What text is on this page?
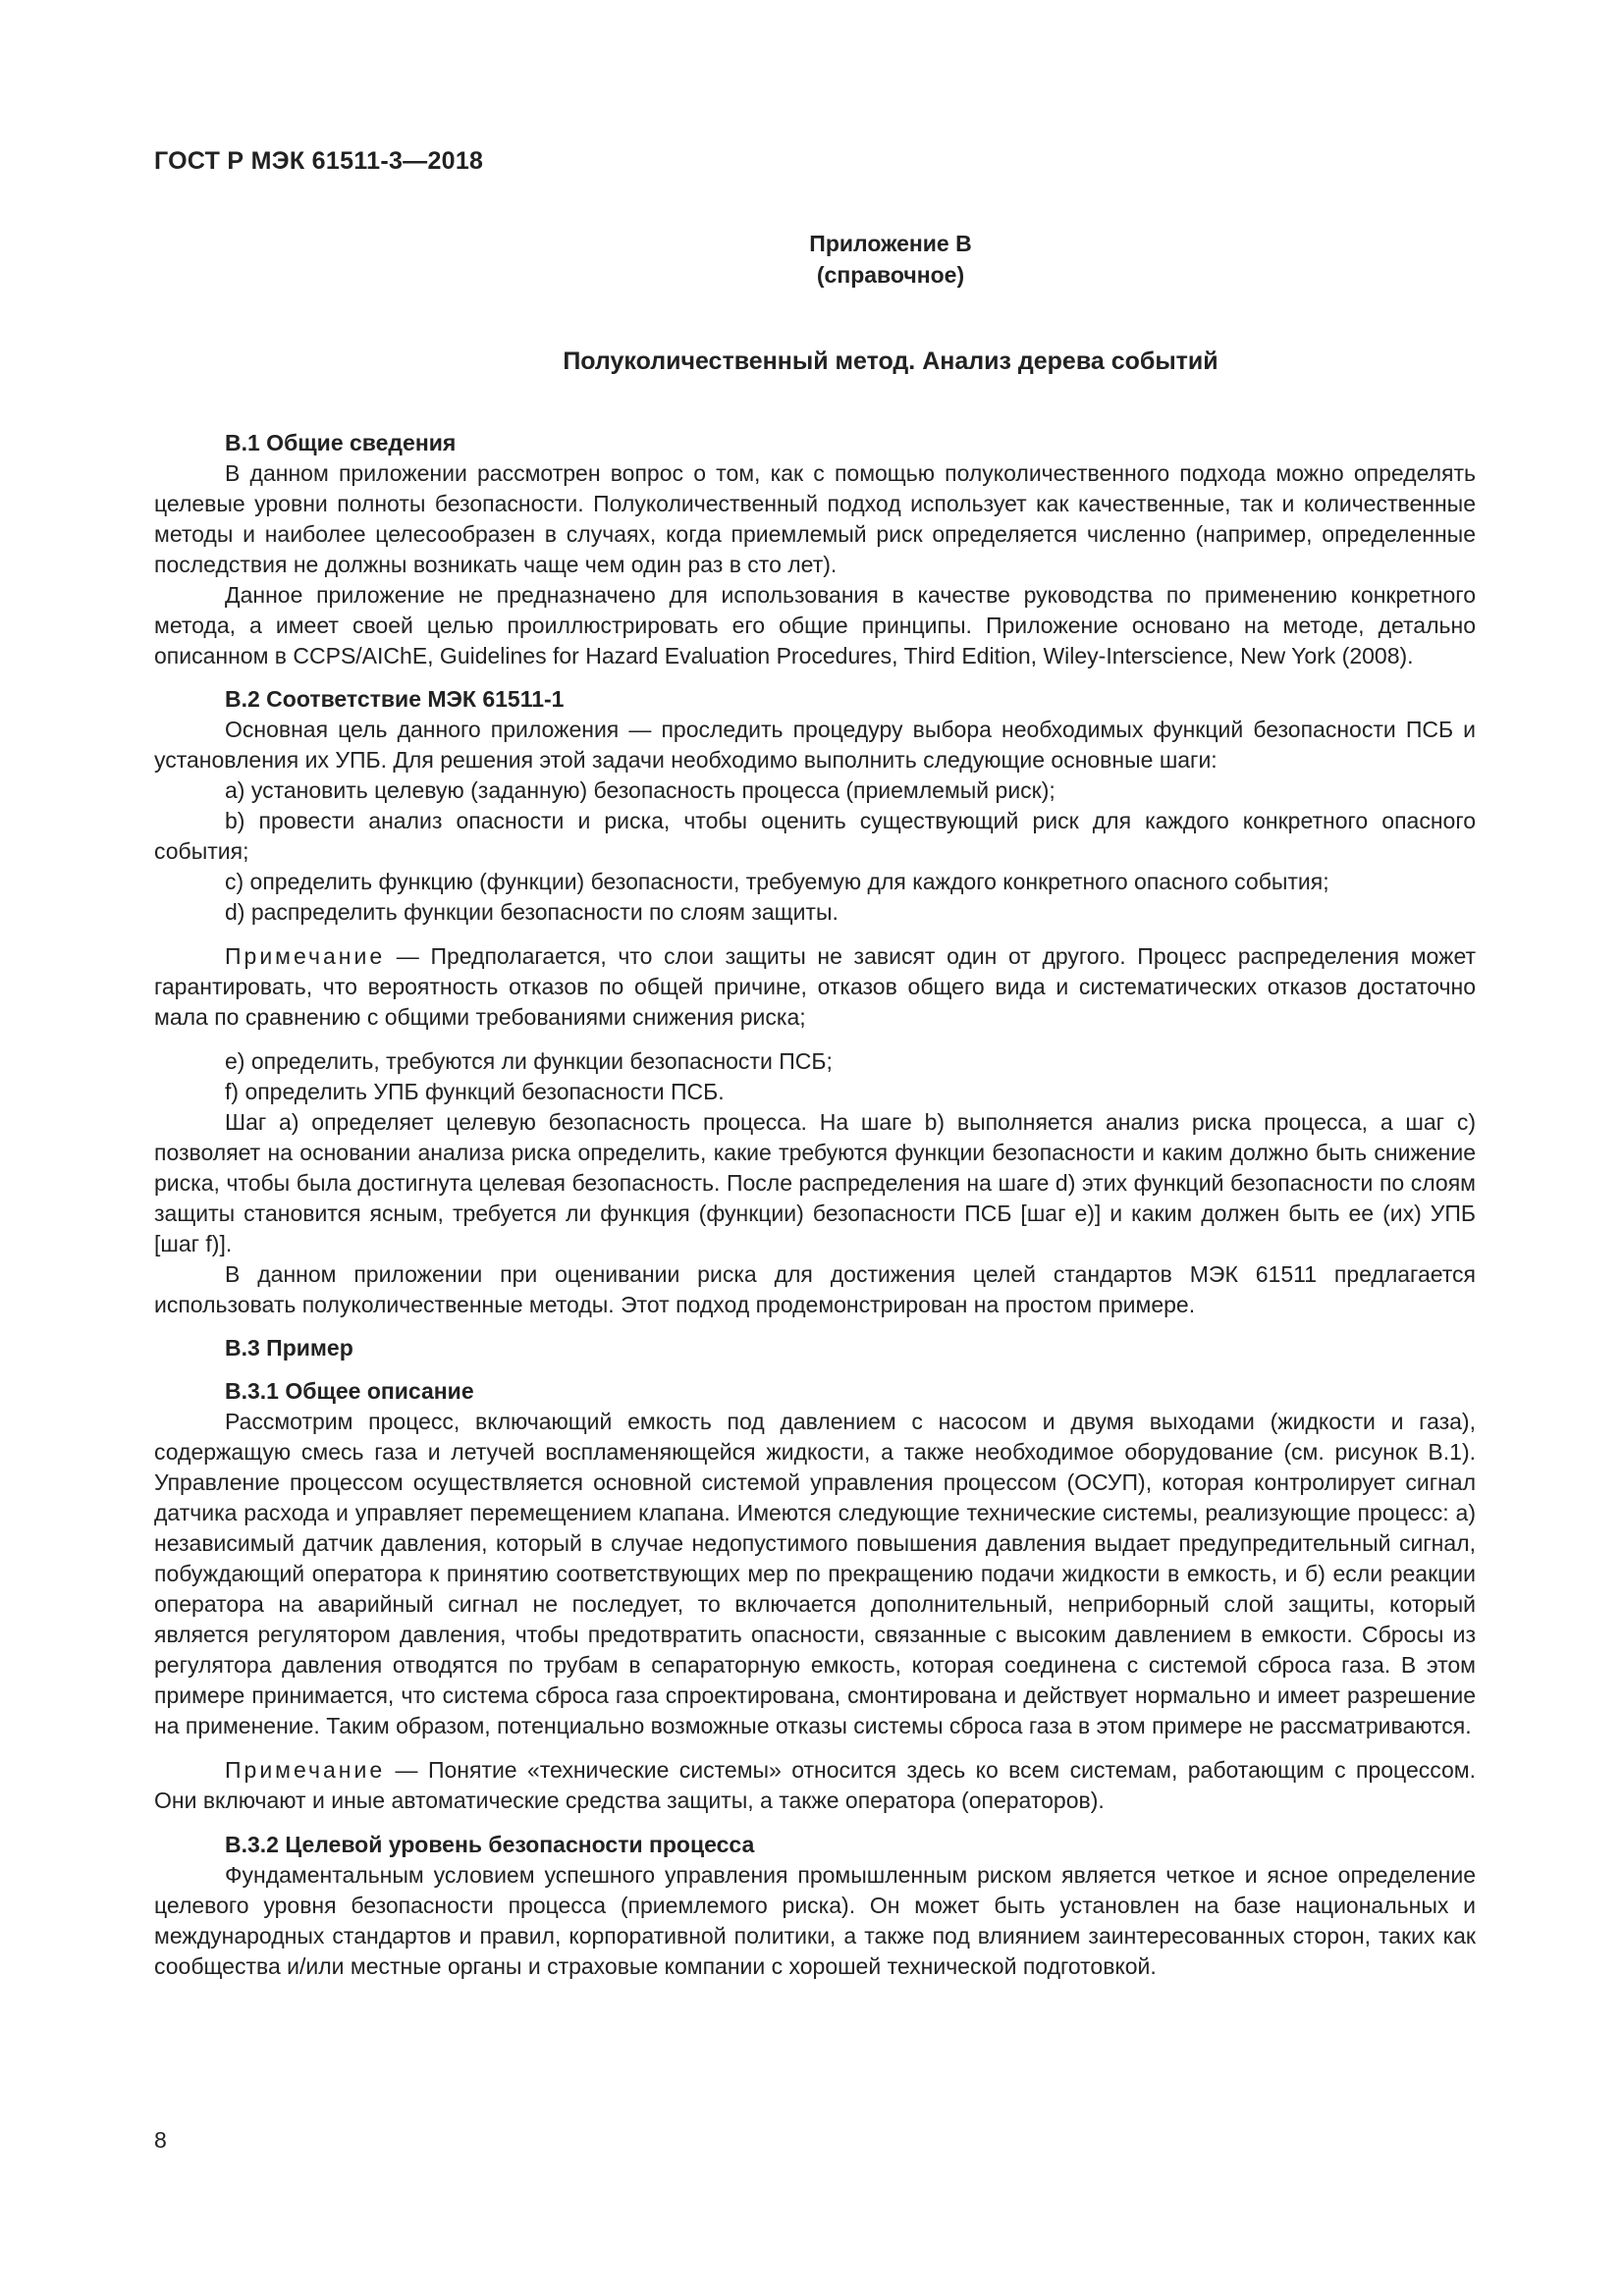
ГОСТ Р МЭК 61511-3—2018
Приложение В
(справочное)
Полуколичественный метод. Анализ дерева событий
В.1 Общие сведения

В данном приложении рассмотрен вопрос о том, как с помощью полуколичественного подхода можно определять целевые уровни полноты безопасности. Полуколичественный подход использует как качественные, так и количественные методы и наиболее целесообразен в случаях, когда приемлемый риск определяется численно (например, определенные последствия не должны возникать чаще чем один раз в сто лет).

Данное приложение не предназначено для использования в качестве руководства по применению конкретного метода, а имеет своей целью проиллюстрировать его общие принципы. Приложение основано на методе, детально описанном в CCPS/AIChE, Guidelines for Hazard Evaluation Procedures, Third Edition, Wiley-Interscience, New York (2008).

В.2 Соответствие МЭК 61511-1

Основная цель данного приложения — проследить процедуру выбора необходимых функций безопасности ПСБ и установления их УПБ. Для решения этой задачи необходимо выполнить следующие основные шаги:

а) установить целевую (заданную) безопасность процесса (приемлемый риск);

b) провести анализ опасности и риска, чтобы оценить существующий риск для каждого конкретного опасного события;

c) определить функцию (функции) безопасности, требуемую для каждого конкретного опасного события;

d) распределить функции безопасности по слоям защиты.

Примечание — Предполагается, что слои защиты не зависят один от другого. Процесс распределения может гарантировать, что вероятность отказов по общей причине, отказов общего вида и систематических отказов достаточно мала по сравнению с общими требованиями снижения риска;

e) определить, требуются ли функции безопасности ПСБ;

f) определить УПБ функций безопасности ПСБ.

Шаг а) определяет целевую безопасность процесса. На шаге b) выполняется анализ риска процесса, а шаг с) позволяет на основании анализа риска определить, какие требуются функции безопасности и каким должно быть снижение риска, чтобы была достигнута целевая безопасность. После распределения на шаге d) этих функций безопасности по слоям защиты становится ясным, требуется ли функция (функции) безопасности ПСБ [шаг е)] и каким должен быть ее (их) УПБ [шаг f)].

В данном приложении при оценивании риска для достижения целей стандартов МЭК 61511 предлагается использовать полуколичественные методы. Этот подход продемонстрирован на простом примере.

В.3 Пример
В.3.1 Общее описание

Рассмотрим процесс, включающий емкость под давлением с насосом и двумя выходами (жидкости и газа), содержащую смесь газа и летучей воспламеняющейся жидкости, а также необходимое оборудование (см. рисунок В.1). Управление процессом осуществляется основной системой управления процессом (ОСУП), которая контролирует сигнал датчика расхода и управляет перемещением клапана. Имеются следующие технические системы, реализующие процесс: а) независимый датчик давления, который в случае недопустимого повышения давления выдает предупредительный сигнал, побуждающий оператора к принятию соответствующих мер по прекращению подачи жидкости в емкость, и б) если реакции оператора на аварийный сигнал не последует, то включается дополнительный, неприборный слой защиты, который является регулятором давления, чтобы предотвратить опасности, связанные с высоким давлением в емкости. Сбросы из регулятора давления отводятся по трубам в сепараторную емкость, которая соединена с системой сброса газа. В этом примере принимается, что система сброса газа спроектирована, смонтирована и действует нормально и имеет разрешение на применение. Таким образом, потенциально возможные отказы системы сброса газа в этом примере не рассматриваются.

Примечание — Понятие «технические системы» относится здесь ко всем системам, работающим с процессом. Они включают и иные автоматические средства защиты, а также оператора (операторов).

В.3.2 Целевой уровень безопасности процесса

Фундаментальным условием успешного управления промышленным риском является четкое и ясное определение целевого уровня безопасности процесса (приемлемого риска). Он может быть установлен на базе национальных и международных стандартов и правил, корпоративной политики, а также под влиянием заинтересованных сторон, таких как сообщества и/или местные органы и страховые компании с хорошей технической подготовкой.

8
